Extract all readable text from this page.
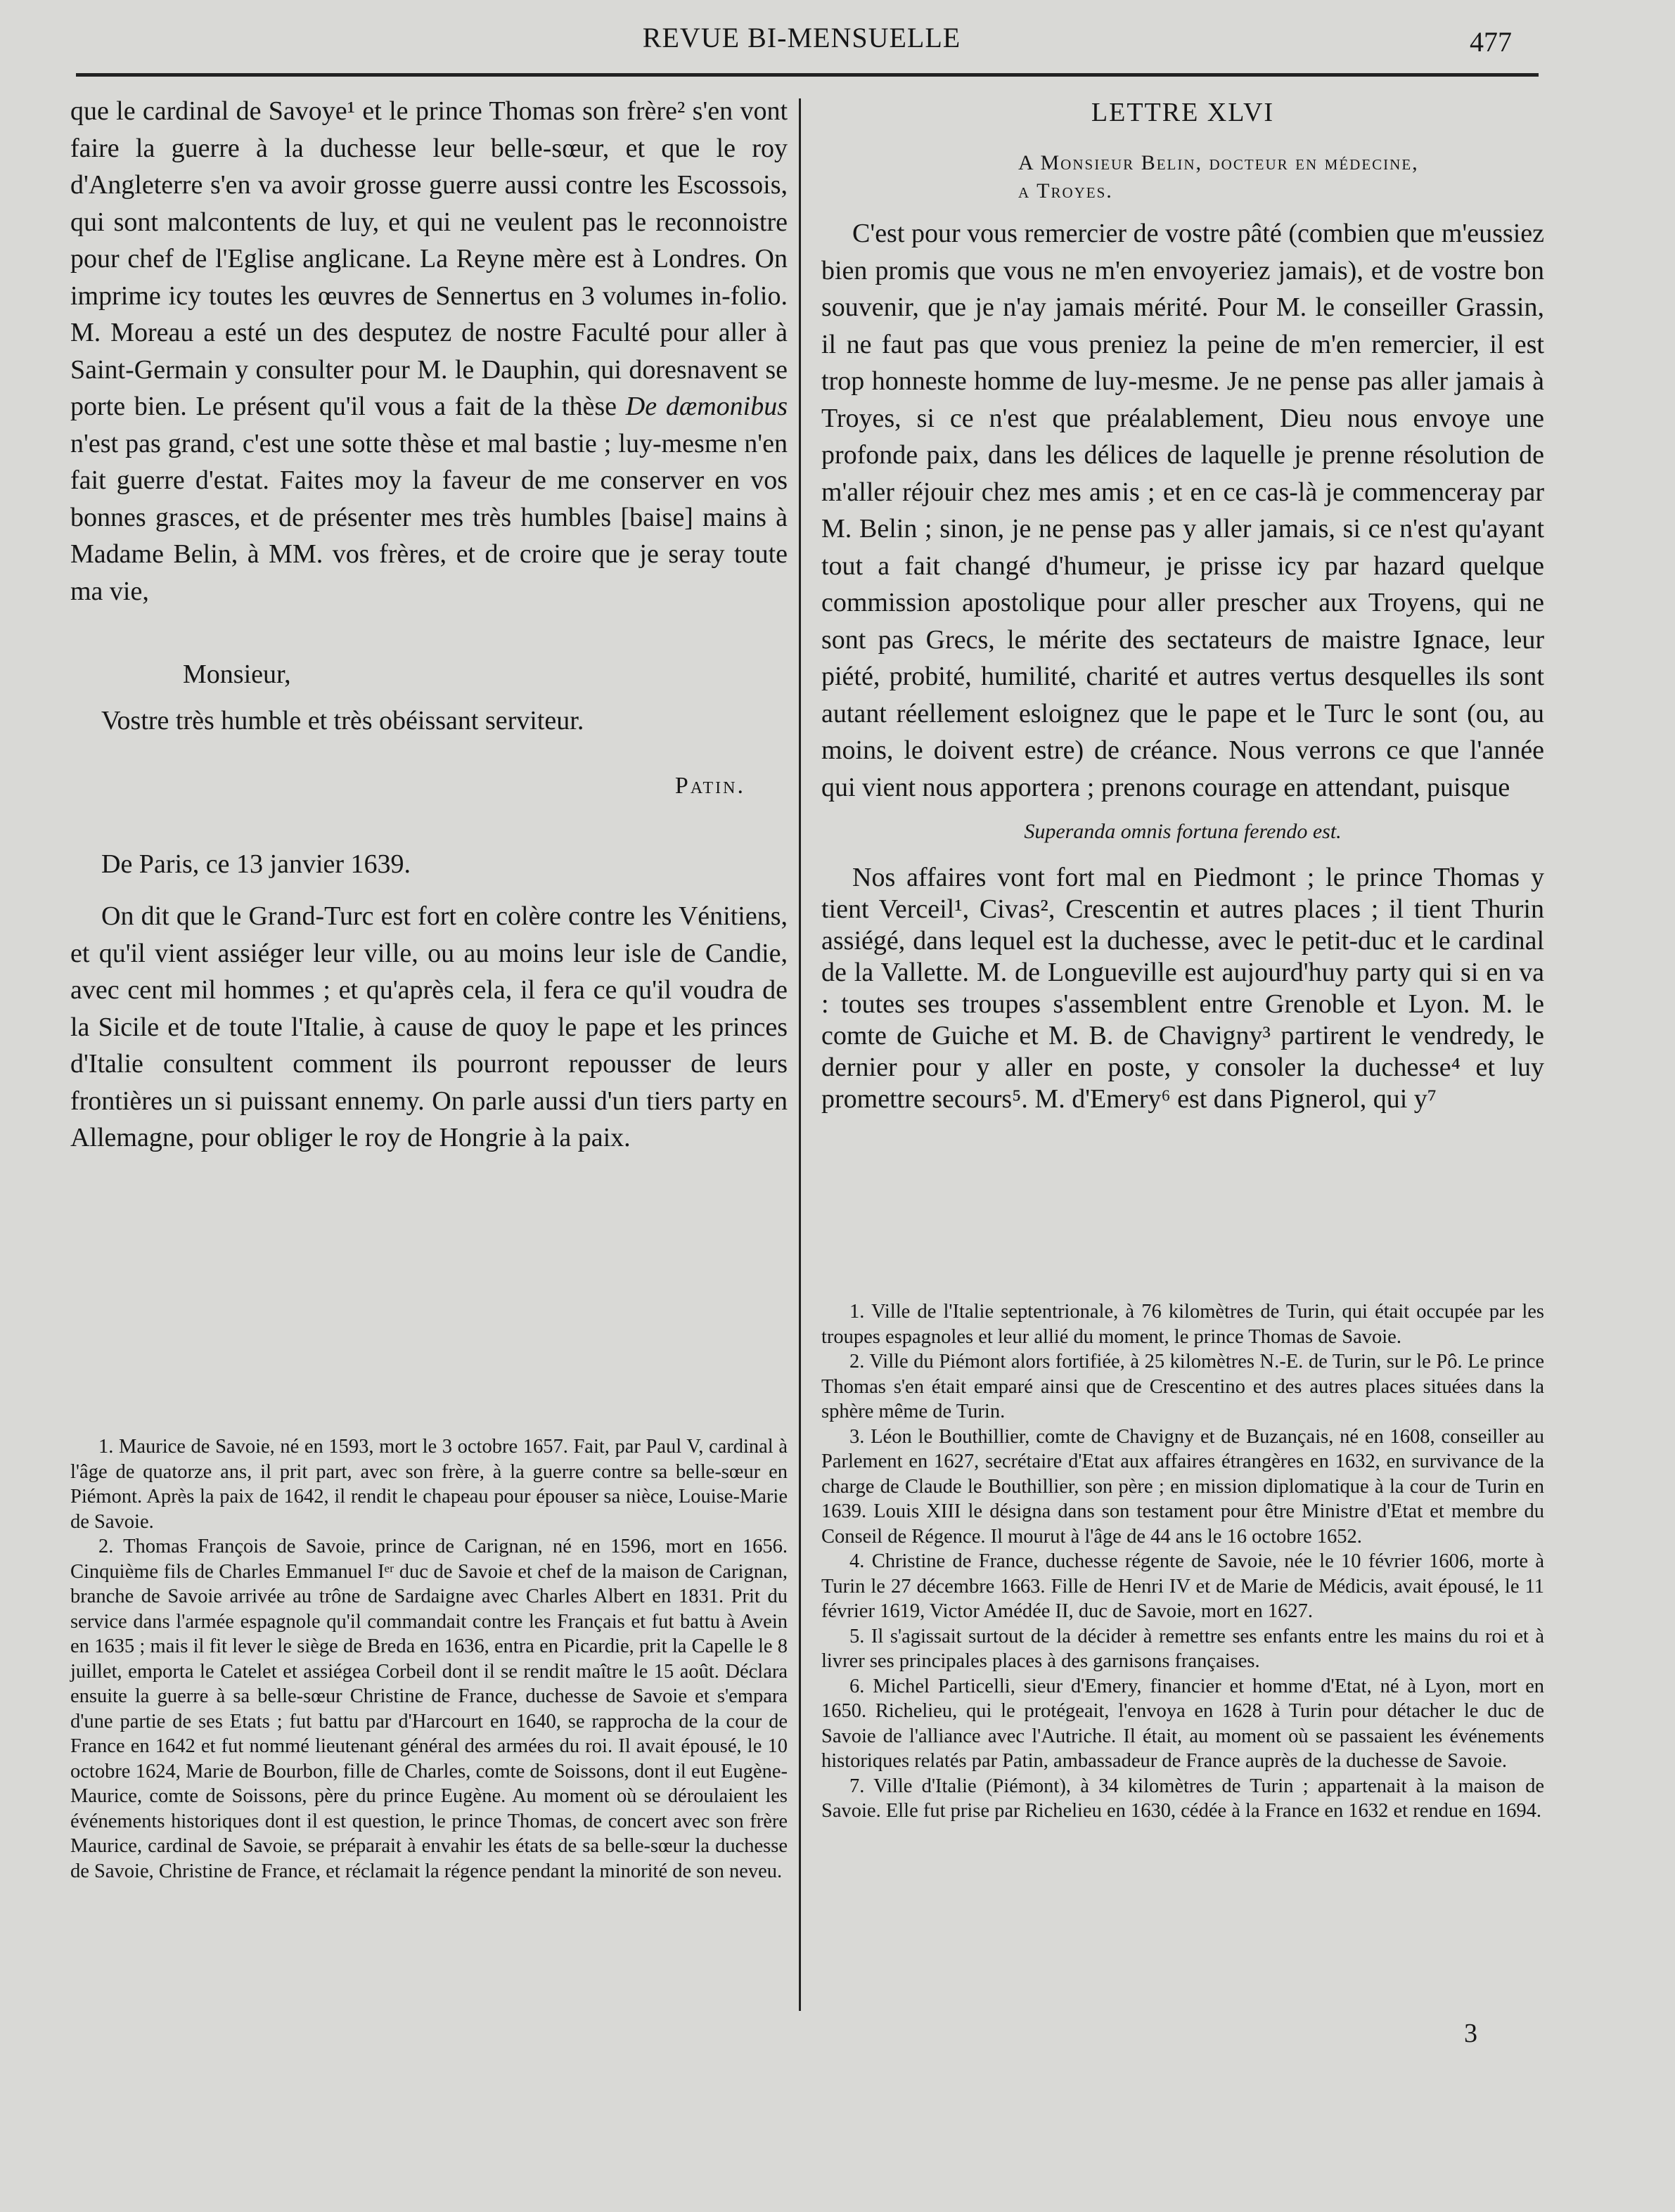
REVUE BI-MENSUELLE	477

que le cardinal de Savoye¹ et le prince Thomas son frère² s'en vont faire la guerre à la duchesse leur belle-sœur, et que le roy d'Angleterre s'en va avoir grosse guerre aussi contre les Escossois, qui sont malcontents de luy, et qui ne veulent pas le reconnoistre pour chef de l'Eglise anglicane. La Reyne mère est à Londres. On imprime icy toutes les œuvres de Sennertus en 3 volumes in-folio. M. Moreau a esté un des desputez de nostre Faculté pour aller à Saint-Germain y consulter pour M. le Dauphin, qui doresnavent se porte bien. Le présent qu'il vous a fait de la thèse De dæmonibus n'est pas grand, c'est une sotte thèse et mal bastie ; luy-mesme n'en fait guerre d'estat. Faites moy la faveur de me conserver en vos bonnes grasces, et de présenter mes très humbles [baise] mains à Madame Belin, à MM. vos frères, et de croire que je seray toute ma vie,

Monsieur,
Vostre très humble et très obéissant serviteur.
Patin.
De Paris, ce 13 janvier 1639.

On dit que le Grand-Turc est fort en colère contre les Vénitiens, et qu'il vient assiéger leur ville, ou au moins leur isle de Candie, avec cent mil hommes ; et qu'après cela, il fera ce qu'il voudra de la Sicile et de toute l'Italie, à cause de quoy le pape et les princes d'Italie consultent comment ils pourront repousser de leurs frontières un si puissant ennemy. On parle aussi d'un tiers party en Allemagne, pour obliger le roy de Hongrie à la paix.

1. Maurice de Savoie, né en 1593, mort le 3 octobre 1657. Fait, par Paul V, cardinal à l'âge de quatorze ans, il prit part, avec son frère, à la guerre contre sa belle-sœur en Piémont. Après la paix de 1642, il rendit le chapeau pour épouser sa nièce, Louise-Marie de Savoie.

2. Thomas François de Savoie, prince de Carignan, né en 1596, mort en 1656. Cinquième fils de Charles Emmanuel Iᵉʳ duc de Savoie et chef de la maison de Carignan, branche de Savoie arrivée au trône de Sardaigne avec Charles Albert en 1831. Prit du service dans l'armée espagnole qu'il commandait contre les Français et fut battu à Avein en 1635 ; mais il fit lever le siège de Breda en 1636, entra en Picardie, prit la Capelle le 8 juillet, emporta le Catelet et assiégea Corbeil dont il se rendit maître le 15 août. Déclara ensuite la guerre à sa belle-sœur Christine de France, duchesse de Savoie et s'empara d'une partie de ses Etats ; fut battu par d'Harcourt en 1640, se rapprocha de la cour de France en 1642 et fut nommé lieutenant général des armées du roi. Il avait épousé, le 10 octobre 1624, Marie de Bourbon, fille de Charles, comte de Soissons, dont il eut Eugène-Maurice, comte de Soissons, père du prince Eugène. Au moment où se déroulaient les événements historiques dont il est question, le prince Thomas, de concert avec son frère Maurice, cardinal de Savoie, se préparait à envahir les états de sa belle-sœur la duchesse de Savoie, Christine de France, et réclamait la régence pendant la minorité de son neveu.

LETTRE XLVI
A Monsieur Belin, docteur en médecine,
a Troyes.

C'est pour vous remercier de vostre pâté (combien que m'eussiez bien promis que vous ne m'en envoyeriez jamais), et de vostre bon souvenir, que je n'ay jamais mérité. Pour M. le conseiller Grassin, il ne faut pas que vous preniez la peine de m'en remercier, il est trop honneste homme de luy-mesme. Je ne pense pas aller jamais à Troyes, si ce n'est que préalablement, Dieu nous envoye une profonde paix, dans les délices de laquelle je prenne résolution de m'aller réjouir chez mes amis ; et en ce cas-là je commenceray par M. Belin ; sinon, je ne pense pas y aller jamais, si ce n'est qu'ayant tout a fait changé d'humeur, je prisse icy par hazard quelque commission apostolique pour aller prescher aux Troyens, qui ne sont pas Grecs, le mérite des sectateurs de maistre Ignace, leur piété, probité, humilité, charité et autres vertus desquelles ils sont autant réellement esloignez que le pape et le Turc le sont (ou, au moins, le doivent estre) de créance. Nous verrons ce que l'année qui vient nous apportera ; prenons courage en attendant, puisque

Superanda omnis fortuna ferendo est.

Nos affaires vont fort mal en Piedmont ; le prince Thomas y tient Verceil¹, Civas², Crescentin et autres places ; il tient Thurin assiégé, dans lequel est la duchesse, avec le petit-duc et le cardinal de la Vallette. M. de Longueville est aujourd'huy party qui si en va : toutes ses troupes s'assemblent entre Grenoble et Lyon. M. le comte de Guiche et M. B. de Chavigny³ partirent le vendredy, le dernier pour y aller en poste, y consoler la duchesse⁴ et luy promettre secours⁵. M. d'Emery⁶ est dans Pignerol, qui y⁷

1. Ville de l'Italie septentrionale, à 76 kilomètres de Turin, qui était occupée par les troupes espagnoles et leur allié du moment, le prince Thomas de Savoie.

2. Ville du Piémont alors fortifiée, à 25 kilomètres N.-E. de Turin, sur le Pô. Le prince Thomas s'en était emparé ainsi que de Crescentino et des autres places situées dans la sphère même de Turin.

3. Léon le Bouthillier, comte de Chavigny et de Buzançais, né en 1608, conseiller au Parlement en 1627, secrétaire d'Etat aux affaires étrangères en 1632, en survivance de la charge de Claude le Bouthillier, son père ; en mission diplomatique à la cour de Turin en 1639. Louis XIII le désigna dans son testament pour être Ministre d'Etat et membre du Conseil de Régence. Il mourut à l'âge de 44 ans le 16 octobre 1652.

4. Christine de France, duchesse régente de Savoie, née le 10 février 1606, morte à Turin le 27 décembre 1663. Fille de Henri IV et de Marie de Médicis, avait épousé, le 11 février 1619, Victor Amédée II, duc de Savoie, mort en 1627.

5. Il s'agissait surtout de la décider à remettre ses enfants entre les mains du roi et à livrer ses principales places à des garnisons françaises.

6. Michel Particelli, sieur d'Emery, financier et homme d'Etat, né à Lyon, mort en 1650. Richelieu, qui le protégeait, l'envoya en 1628 à Turin pour détacher le duc de Savoie de l'alliance avec l'Autriche. Il était, au moment où se passaient les événements historiques relatés par Patin, ambassadeur de France auprès de la duchesse de Savoie.

7. Ville d'Italie (Piémont), à 34 kilomètres de Turin ; appartenait à la maison de Savoie. Elle fut prise par Richelieu en 1630, cédée à la France en 1632 et rendue en 1694.

3
